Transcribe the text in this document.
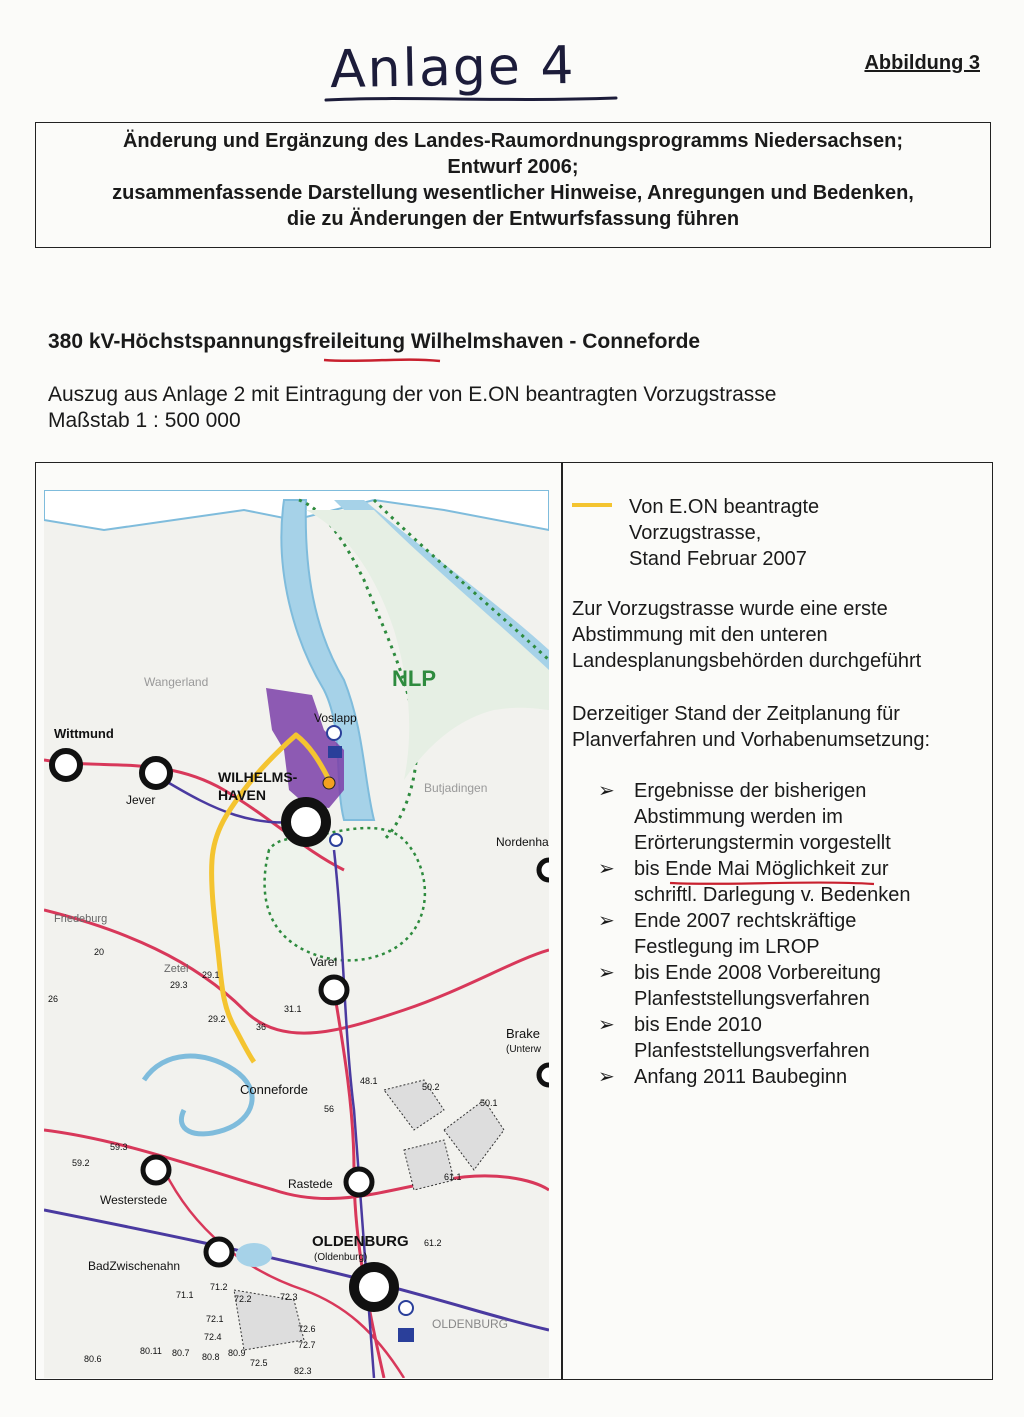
Anlage 4	Abbildung 3
Änderung und Ergänzung des Landes-Raumordnungsprogramms Niedersachsen;
Entwurf 2006;
zusammenfassende Darstellung wesentlicher Hinweise, Anregungen und Bedenken,
die zu Änderungen der Entwurfsfassung führen
380 kV-Höchstspannungsfreileitung Wilhelmshaven - Conneforde
Auszug aus Anlage 2 mit Eintragung der von E.ON beantragten Vorzugstrasse
Maßstab 1 : 500 000
Wittmund
Jever
WILHELMS-
HAVEN
Voslapp
NLP
Nordenha
Varel
Brake
(Unterw
Conneforde
Westerstede
Rastede
OLDENBURG
(Oldenburg)
BadZwischenahn
Wangerland
Butjadingen
Friedeburg
Zetel
OLDENBURG
20
29.1
29.3
29.2
31.1
36
48.1
50.2
50.1
56
59.3
59.2
61.1
61.2
71.1
71.2
72.1
72.2	72.3
72.4
72.5
72.6
72.7
80.6
80.7 80.8 80.9
80.11
82.3
26
Von E.ON beantragte
Vorzugstrasse,
Stand Februar 2007
Zur Vorzugstrasse wurde eine erste
Abstimmung mit den unteren
Landesplanungsbehörden durchgeführt
Derzeitiger Stand der Zeitplanung für
Planverfahren und Vorhabenumsetzung:
➢ Ergebnisse der bisherigen
Abstimmung werden im
Erörterungstermin vorgestellt
➢ bis Ende Mai Möglichkeit zur
schriftl. Darlegung v. Bedenken
➢ Ende 2007 rechtskräftige
Festlegung im LROP
➢ bis Ende 2008 Vorbereitung
Planfeststellungsverfahren
➢ bis Ende 2010
Planfeststellungsverfahren
➢ Anfang 2011 Baubeginn
